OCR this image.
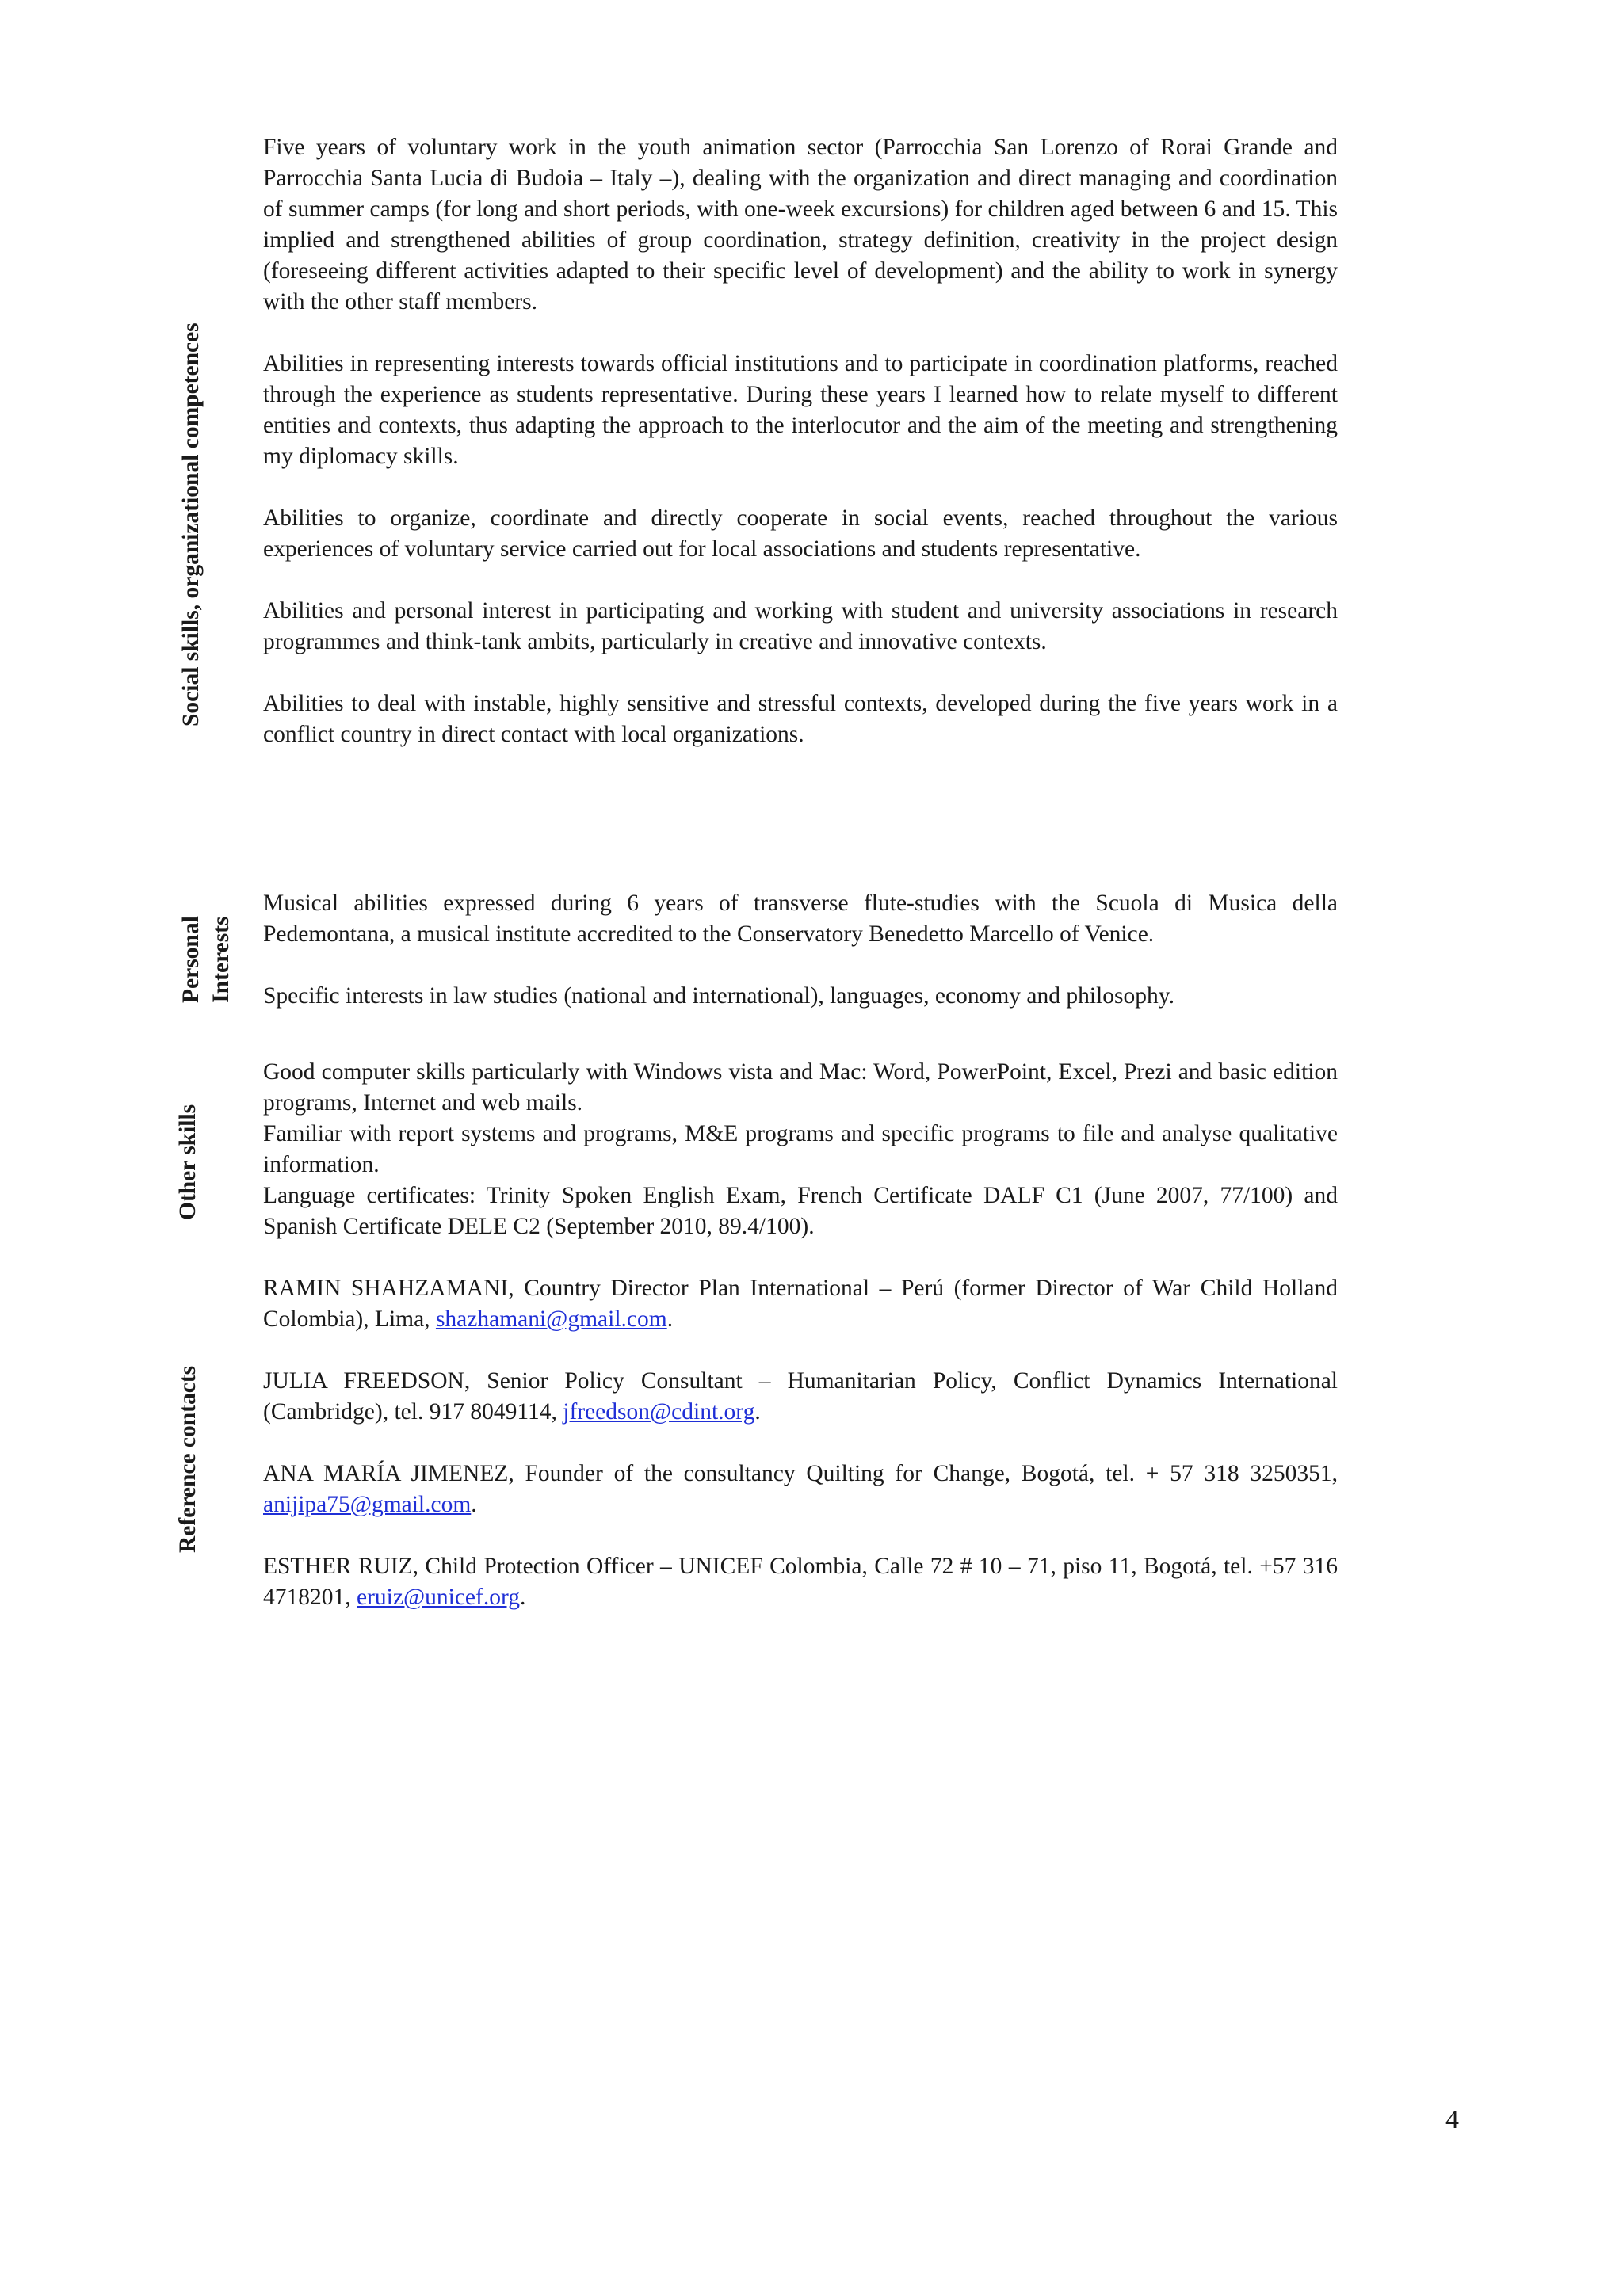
Social skills, organizational competences

Five years of voluntary work in the youth animation sector (Parrocchia San Lorenzo of Rorai Grande and Parrocchia Santa Lucia di Budoia – Italy –), dealing with the organization and direct managing and coordination of summer camps (for long and short periods, with one-week excursions) for children aged between 6 and 15. This implied and strengthened abilities of group coordination, strategy definition, creativity in the project design (foreseeing different activities adapted to their specific level of development) and the ability to work in synergy with the other staff members.

Abilities in representing interests towards official institutions and to participate in coordination platforms, reached through the experience as students representative. During these years I learned how to relate myself to different entities and contexts, thus adapting the approach to the interlocutor and the aim of the meeting and strengthening my diplomacy skills.

Abilities to organize, coordinate and directly cooperate in social events, reached throughout the various experiences of voluntary service carried out for local associations and students representative.

Abilities and personal interest in participating and working with student and university associations in research programmes and think-tank ambits, particularly in creative and innovative contexts.

Abilities to deal with instable, highly sensitive and stressful contexts, developed during the five years work in a conflict country in direct contact with local organizations.

Personal Interests

Musical abilities expressed during 6 years of transverse flute-studies with the Scuola di Musica della Pedemontana, a musical institute accredited to the Conservatory Benedetto Marcello of Venice.

Specific interests in law studies (national and international), languages, economy and philosophy.

Other skills

Good computer skills particularly with Windows vista and Mac: Word, PowerPoint, Excel, Prezi and basic edition programs, Internet and web mails.

Familiar with report systems and programs, M&E programs and specific programs to file and analyse qualitative information.

Language certificates: Trinity Spoken English Exam, French Certificate DALF C1 (June 2007, 77/100) and Spanish Certificate DELE C2 (September 2010, 89.4/100).

Reference contacts

RAMIN SHAHZAMANI, Country Director Plan International – Perú (former Director of War Child Holland Colombia), Lima, shazhamani@gmail.com.

JULIA FREEDSON, Senior Policy Consultant – Humanitarian Policy, Conflict Dynamics International (Cambridge), tel. 917 8049114, jfreedson@cdint.org.

ANA MARÍA JIMENEZ, Founder of the consultancy Quilting for Change, Bogotá, tel. + 57 318 3250351, anijipa75@gmail.com.

ESTHER RUIZ, Child Protection Officer – UNICEF Colombia, Calle 72 # 10 – 71, piso 11, Bogotá, tel. +57 316 4718201, eruiz@unicef.org.

4
